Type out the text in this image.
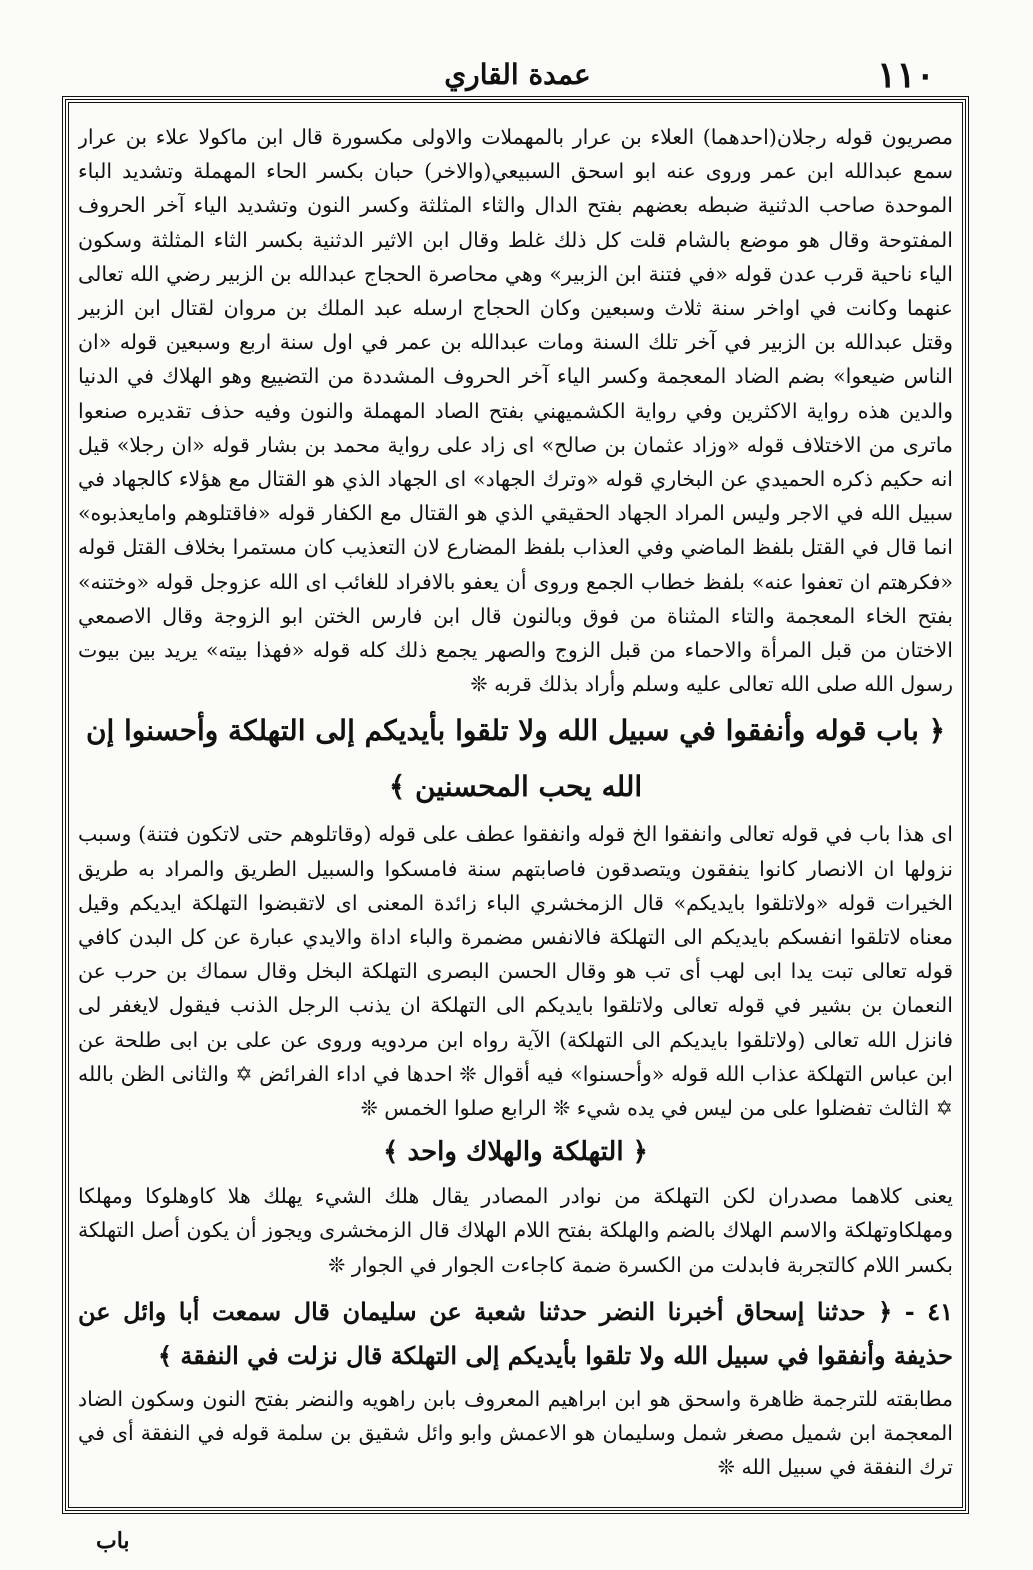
١١٠
عمدة القاري

مصريون قوله رجلان(احدهما) العلاء بن عرار بالمهملات والاولى مكسورة قال ابن ماكولا علاء بن عرار سمع عبدالله ابن عمر وروى عنه ابو اسحق السبيعي(والاخر) حبان بكسر الحاء المهملة وتشديد الباء الموحدة صاحب الدثنية ضبطه بعضهم بفتح الدال والثاء المثلثة وكسر النون وتشديد الياء آخر الحروف المفتوحة وقال هو موضع بالشام قلت كل ذلك غلط وقال ابن الاثير الدثنية بكسر الثاء المثلثة وسكون الياء ناحية قرب عدن قوله «في فتنة ابن الزبير» وهي محاصرة الحجاج عبدالله بن الزبير رضي الله تعالى عنهما وكانت في اواخر سنة ثلاث وسبعين وكان الحجاج ارسله عبد الملك بن مروان لقتال ابن الزبير وقتل عبدالله بن الزبير في آخر تلك السنة ومات عبدالله بن عمر في اول سنة اربع وسبعين قوله «ان الناس ضيعوا» بضم الضاد المعجمة وكسر الياء آخر الحروف المشددة من التضييع وهو الهلاك في الدنيا والدين هذه رواية الاكثرين وفي رواية الكشميهني بفتح الصاد المهملة والنون وفيه حذف تقديره صنعوا ماترى من الاختلاف قوله «وزاد عثمان بن صالح» اى زاد على رواية محمد بن بشار قوله «ان رجلا» قيل انه حكيم ذكره الحميدي عن البخاري قوله «وترك الجهاد» اى الجهاد الذي هو القتال مع هؤلاء كالجهاد في سبيل الله في الاجر وليس المراد الجهاد الحقيقي الذي هو القتال مع الكفار قوله «فاقتلوهم وامايعذبوه» انما قال في القتل بلفظ الماضي وفي العذاب بلفظ المضارع لان التعذيب كان مستمرا بخلاف القتل قوله «فكرهتم ان تعفوا عنه» بلفظ خطاب الجمع وروى أن يعفو بالافراد للغائب اى الله عزوجل قوله «وختنه» بفتح الخاء المعجمة والتاء المثناة من فوق وبالنون قال ابن فارس الختن ابو الزوجة وقال الاصمعي الاختان من قبل المرأة والاحماء من قبل الزوج والصهر يجمع ذلك كله قوله «فهذا بيته» يريد بين بيوت رسول الله صلى الله تعالى عليه وسلم وأراد بذلك قربه ❊

﴿ باب قوله وأنفقوا في سبيل الله ولا تلقوا بأيديكم إلى التهلكة وأحسنوا إن الله يحب المحسنين ﴾

اى هذا باب في قوله تعالى وانفقوا الخ قوله وانفقوا عطف على قوله (وقاتلوهم حتى لاتكون فتنة) وسبب نزولها ان الانصار كانوا ينفقون ويتصدقون فاصابتهم سنة فامسكوا والسبيل الطريق والمراد به طريق الخيرات قوله «ولاتلقوا بايديكم» قال الزمخشري الباء زائدة المعنى اى لاتقبضوا التهلكة ايديكم وقيل معناه لاتلقوا انفسكم بايديكم الى التهلكة فالانفس مضمرة والباء اداة والايدي عبارة عن كل البدن كافي قوله تعالى تبت يدا ابى لهب أى تب هو وقال الحسن البصرى التهلكة البخل وقال سماك بن حرب عن النعمان بن بشير في قوله تعالى ولاتلقوا بايديكم الى التهلكة ان يذنب الرجل الذنب فيقول لايغفر لى فانزل الله تعالى (ولاتلقوا بايديكم الى التهلكة) الآية رواه ابن مردويه وروى عن على بن ابى طلحة عن ابن عباس التهلكة عذاب الله قوله «وأحسنوا» فيه أقوال ❊ احدها في اداء الفرائض ✡ والثانى الظن بالله ✡ الثالث تفضلوا على من ليس في يده شيء ❊ الرابع صلوا الخمس ❊

﴿ التهلكة والهلاك واحد ﴾

يعنى كلاهما مصدران لكن التهلكة من نوادر المصادر يقال هلك الشيء يهلك هلا كاوهلوكا ومهلكا ومهلكاوتهلكة والاسم الهلاك بالضم والهلكة بفتح اللام الهلاك قال الزمخشرى ويجوز أن يكون أصل التهلكة بكسر اللام كالتجربة فابدلت من الكسرة ضمة كاجاءت الجوار في الجوار ❊

٤١ - ﴿ حدثنا إسحاق أخبرنا النضر حدثنا شعبة عن سليمان قال سمعت أبا وائل عن حذيفة وأنفقوا في سبيل الله ولا تلقوا بأيديكم إلى التهلكة قال نزلت في النفقة ﴾

مطابقته للترجمة ظاهرة واسحق هو ابن ابراهيم المعروف بابن راهويه والنضر بفتح النون وسكون الضاد المعجمة ابن شميل مصغر شمل وسليمان هو الاعمش وابو وائل شقيق بن سلمة قوله في النفقة أى في ترك النفقة في سبيل الله ❊

باب
